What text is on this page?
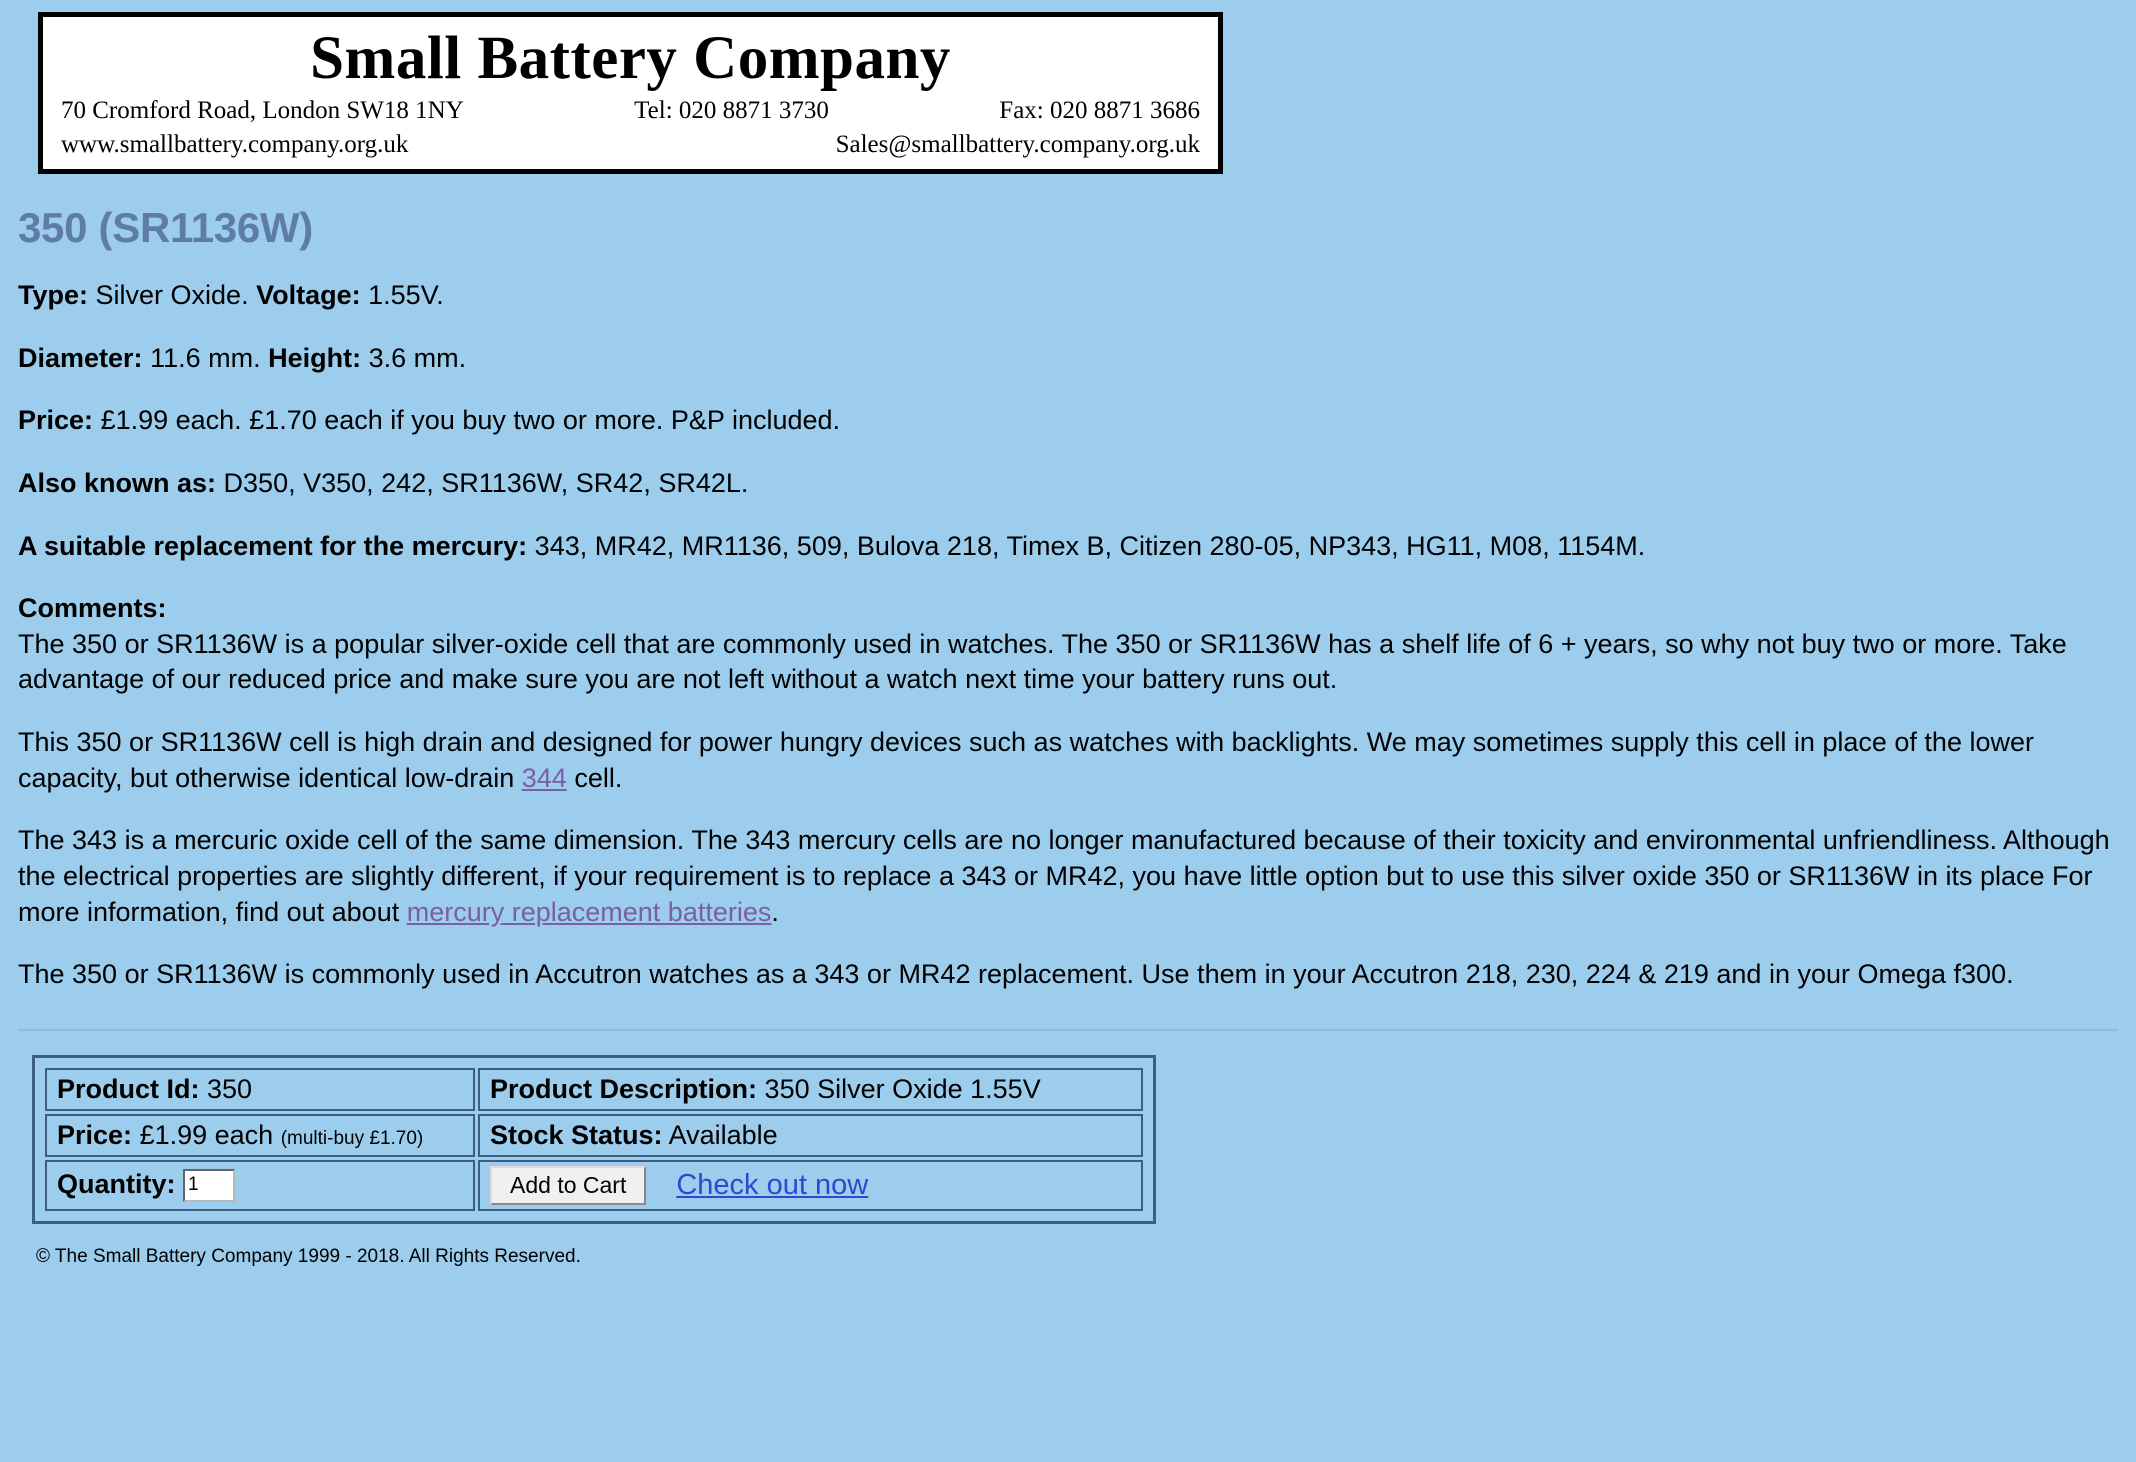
Small Battery Company
70 Cromford Road, London SW18 1NY	Tel: 020 8871 3730	Fax: 020 8871 3686
www.smallbattery.company.org.uk	Sales@smallbattery.company.org.uk
350 (SR1136W)

Type: Silver Oxide. Voltage: 1.55V.

Diameter: 11.6 mm. Height: 3.6 mm.

Price: £1.99 each. £1.70 each if you buy two or more. P&P included.

Also known as: D350, V350, 242, SR1136W, SR42, SR42L.

A suitable replacement for the mercury: 343, MR42, MR1136, 509, Bulova 218, Timex B, Citizen 280-05, NP343, HG11, M08, 1154M.

Comments:

The 350 or SR1136W is a popular silver-oxide cell that are commonly used in watches. The 350 or SR1136W has a shelf life of 6 + years, so why not buy two or more. Take advantage of our reduced price and make sure you are not left without a watch next time your battery runs out.

This 350 or SR1136W cell is high drain and designed for power hungry devices such as watches with backlights. We may sometimes supply this cell in place of the lower capacity, but otherwise identical low-drain 344 cell.

The 343 is a mercuric oxide cell of the same dimension. The 343 mercury cells are no longer manufactured because of their toxicity and environmental unfriendliness. Although the electrical properties are slightly different, if your requirement is to replace a 343 or MR42, you have little option but to use this silver oxide 350 or SR1136W in its place For more information, find out about mercury replacement batteries.

The 350 or SR1136W is commonly used in Accutron watches as a 343 or MR42 replacement. Use them in your Accutron 218, 230, 224 & 219 and in your Omega f300.

Product Id: 350	Product Description: 350 Silver Oxide 1.55V
Price: £1.99 each (multi-buy £1.70)	Stock Status: Available
Quantity: 1	Add to Cart Check out now
© The Small Battery Company 1999 - 2018. All Rights Reserved.
